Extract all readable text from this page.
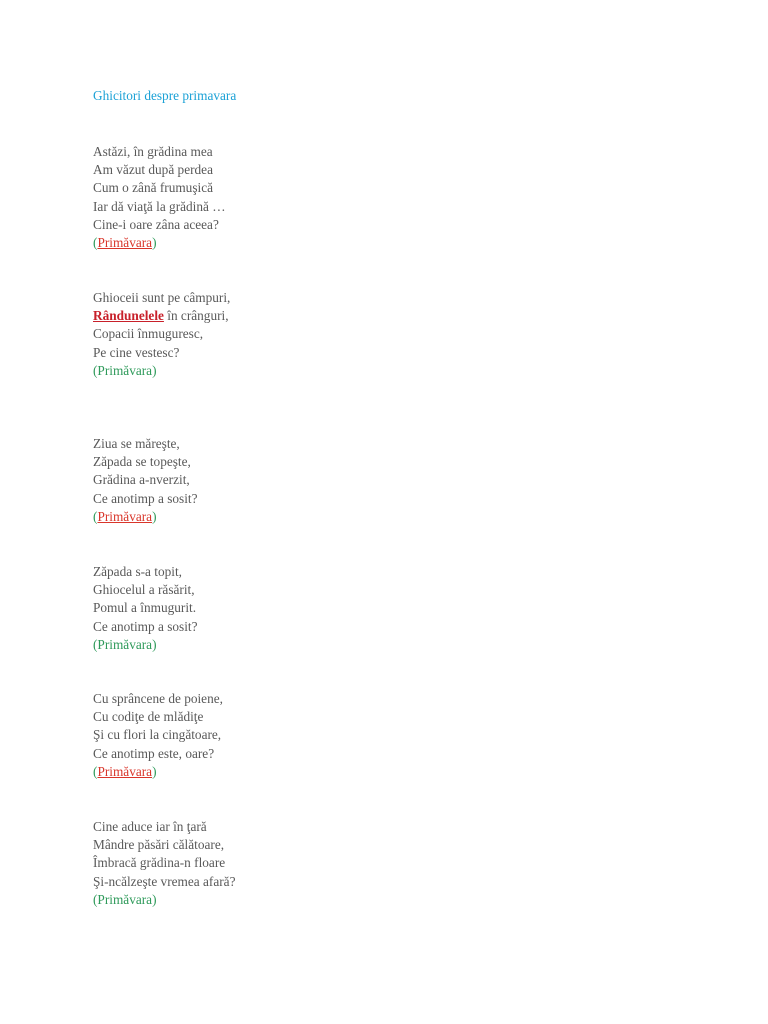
Ghicitori despre primavara
Astăzi, în grădina mea
Am văzut după perdea
Cum o zână frumuşică
Iar dă viaţă la grădină …
Cine-i oare zâna aceea?
(Primăvara)
Ghioceii sunt pe câmpuri,
Rândunelele în crânguri,
Copacii înmuguresc,
Pe cine vestesc?
(Primăvara)
Ziua se măreşte,
Zăpada se topeşte,
Grădina a-nverzit,
Ce anotimp a sosit?
(Primăvara)
Zăpada s-a topit,
Ghiocelul a răsărit,
Pomul a înmugurit.
Ce anotimp a sosit?
(Primăvara)
Cu sprâncene de poiene,
Cu codiţe de mlădiţe
Şi cu flori la cingătoare,
Ce anotimp este, oare?
(Primăvara)
Cine aduce iar în ţară
Mândre păsări călătoare,
Îmbracă grădina-n floare
Şi-ncălzeşte vremea afară?
(Primăvara)
